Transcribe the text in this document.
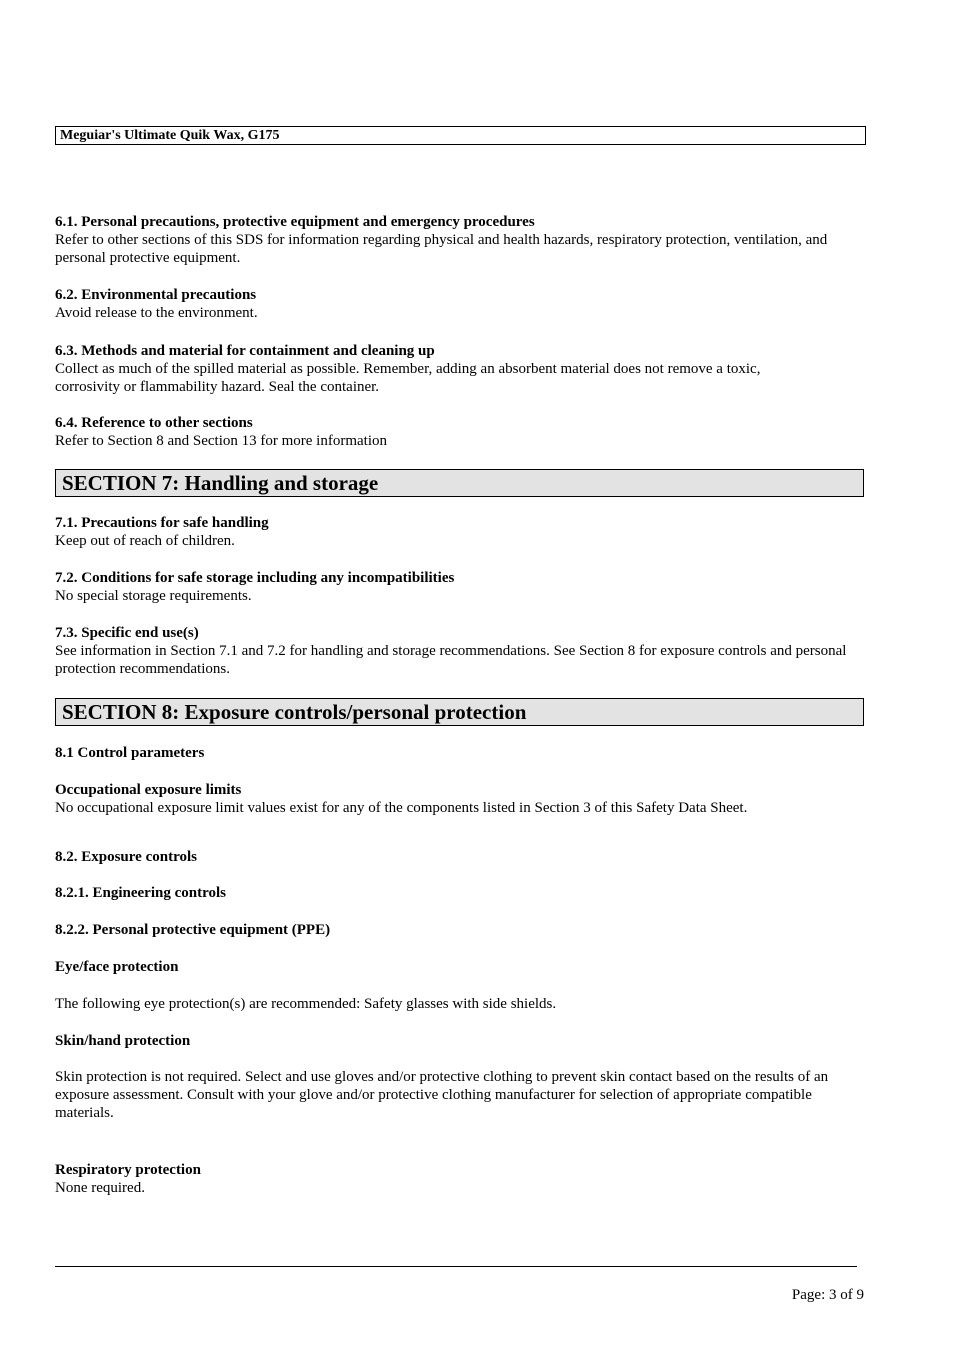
Meguiar's Ultimate Quik Wax, G175
6.1. Personal precautions, protective equipment and emergency procedures
Refer to other sections of this SDS for information regarding physical and health hazards, respiratory protection, ventilation, and personal protective equipment.
6.2. Environmental precautions
Avoid release to the environment.
6.3. Methods and material for containment and cleaning up
Collect as much of the spilled material as possible. Remember, adding an absorbent material does not remove a toxic, corrosivity or flammability hazard. Seal the container.
6.4. Reference to other sections
Refer to Section 8 and Section 13 for more information
SECTION 7: Handling and storage
7.1. Precautions for safe handling
Keep out of reach of children.
7.2. Conditions for safe storage including any incompatibilities
No special storage requirements.
7.3. Specific end use(s)
See information in Section 7.1 and 7.2 for handling and storage recommendations. See Section 8 for exposure controls and personal protection recommendations.
SECTION 8: Exposure controls/personal protection
8.1 Control parameters
Occupational exposure limits
No occupational exposure limit values exist for any of the components listed in Section 3 of this Safety Data Sheet.
8.2. Exposure controls
8.2.1. Engineering controls
8.2.2. Personal protective equipment (PPE)
Eye/face protection
The following eye protection(s) are recommended: Safety glasses with side shields.
Skin/hand protection
Skin protection is not required. Select and use gloves and/or protective clothing to prevent skin contact based on the results of an exposure assessment. Consult with your glove and/or protective clothing manufacturer for selection of appropriate compatible materials.
Respiratory protection
None required.
Page: 3 of 9
